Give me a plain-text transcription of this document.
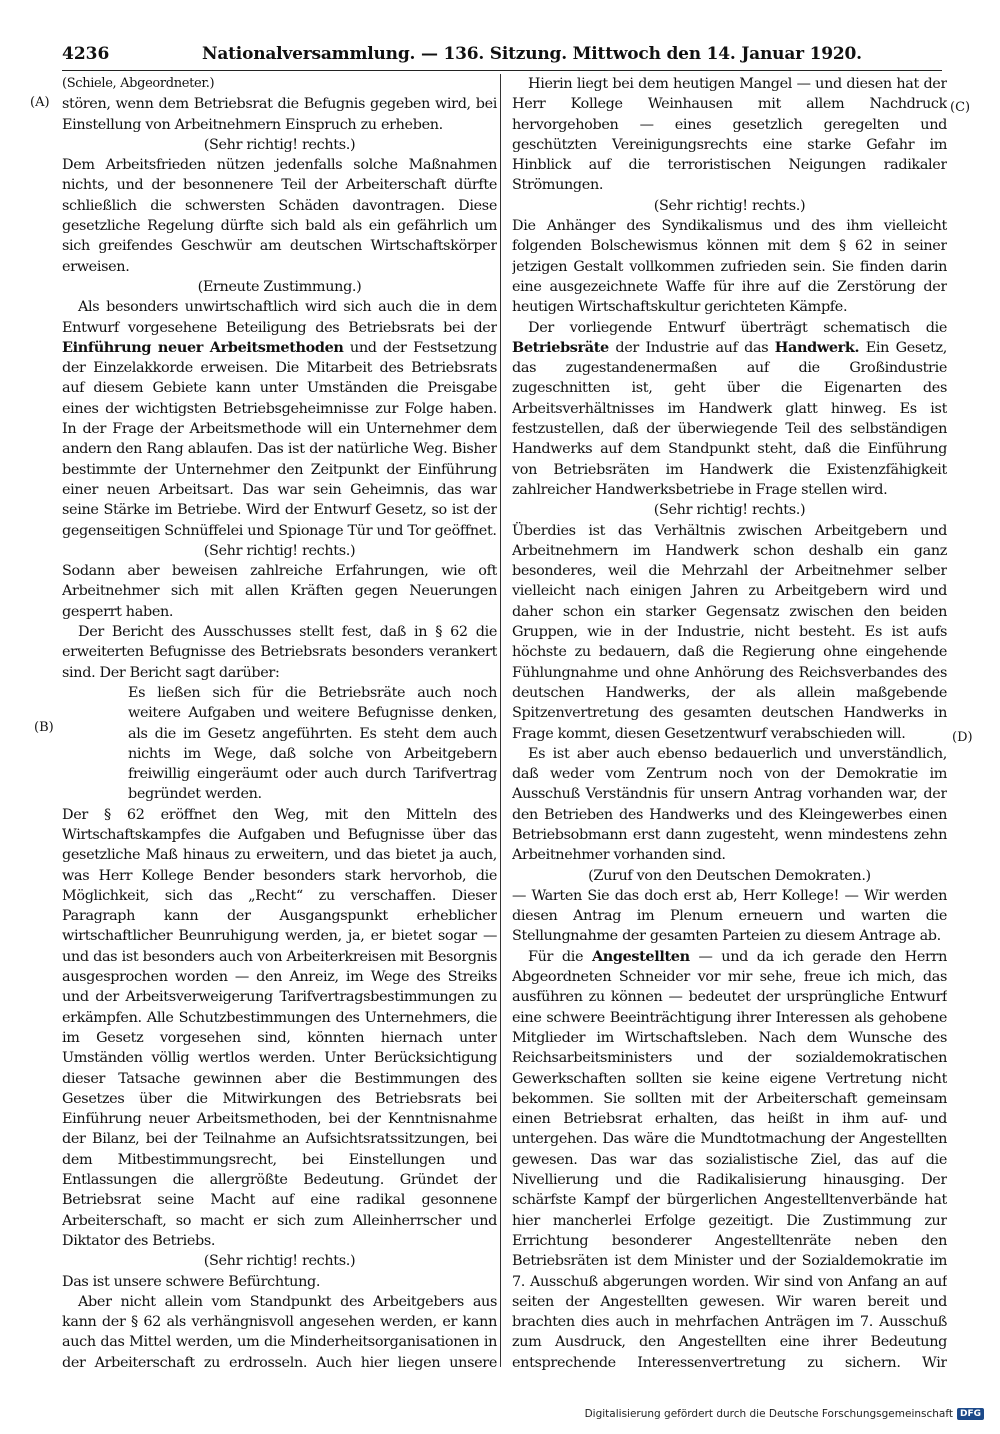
4236	Nationalversammlung. — 136. Sitzung. Mittwoch den 14. Januar 1920.
(A)
(B)
(C)
(D)

(Schiele, Abgeordneter.)

stören, wenn dem Betriebsrat die Befugnis gegeben wird, bei Einstellung von Arbeitnehmern Einspruch zu erheben.

(Sehr richtig! rechts.)

Dem Arbeitsfrieden nützen jedenfalls solche Maßnahmen nichts, und der besonnenere Teil der Arbeiterschaft dürfte schließlich die schwersten Schäden davontragen. Diese gesetzliche Regelung dürfte sich bald als ein gefährlich um sich greifendes Geschwür am deutschen Wirtschaftskörper erweisen.

(Erneute Zustimmung.)

Als besonders unwirtschaftlich wird sich auch die in dem Entwurf vorgesehene Beteiligung des Betriebsrats bei der Einführung neuer Arbeitsmethoden und der Festsetzung der Einzelakkorde erweisen. Die Mitarbeit des Betriebsrats auf diesem Gebiete kann unter Umständen die Preisgabe eines der wichtigsten Betriebsgeheimnisse zur Folge haben. In der Frage der Arbeitsmethode will ein Unternehmer dem andern den Rang ablaufen. Das ist der natürliche Weg. Bisher bestimmte der Unternehmer den Zeitpunkt der Einführung einer neuen Arbeitsart. Das war sein Geheimnis, das war seine Stärke im Betriebe. Wird der Entwurf Gesetz, so ist der gegenseitigen Schnüffelei und Spionage Tür und Tor geöffnet.

(Sehr richtig! rechts.)

Sodann aber beweisen zahlreiche Erfahrungen, wie oft Arbeitnehmer sich mit allen Kräften gegen Neuerungen gesperrt haben.

Der Bericht des Ausschusses stellt fest, daß in § 62 die erweiterten Befugnisse des Betriebsrats besonders verankert sind. Der Bericht sagt darüber:

Es ließen sich für die Betriebsräte auch noch weitere Aufgaben und weitere Befugnisse denken, als die im Gesetz angeführten. Es steht dem auch nichts im Wege, daß solche von Arbeitgebern freiwillig eingeräumt oder auch durch Tarifvertrag begründet werden.

Der § 62 eröffnet den Weg, mit den Mitteln des Wirtschaftskampfes die Aufgaben und Befugnisse über das gesetzliche Maß hinaus zu erweitern, und das bietet ja auch, was Herr Kollege Bender besonders stark hervorhob, die Möglichkeit, sich das „Recht“ zu verschaffen. Dieser Paragraph kann der Ausgangspunkt erheblicher wirtschaftlicher Beunruhigung werden, ja, er bietet sogar — und das ist besonders auch von Arbeiterkreisen mit Besorgnis ausgesprochen worden — den Anreiz, im Wege des Streiks und der Arbeitsverweigerung Tarifvertragsbestimmungen zu erkämpfen. Alle Schutzbestimmungen des Unternehmers, die im Gesetz vorgesehen sind, könnten hiernach unter Umständen völlig wertlos werden. Unter Berücksichtigung dieser Tatsache gewinnen aber die Bestimmungen des Gesetzes über die Mitwirkungen des Betriebsrats bei Einführung neuer Arbeitsmethoden, bei der Kenntnisnahme der Bilanz, bei der Teilnahme an Aufsichtsratssitzungen, bei dem Mitbestimmungsrecht, bei Einstellungen und Entlassungen die allergrößte Bedeutung. Gründet der Betriebsrat seine Macht auf eine radikal gesonnene Arbeiterschaft, so macht er sich zum Alleinherrscher und Diktator des Betriebs.

(Sehr richtig! rechts.)

Das ist unsere schwere Befürchtung.

Aber nicht allein vom Standpunkt des Arbeitgebers aus kann der § 62 als verhängnisvoll angesehen werden, er kann auch das Mittel werden, um die Minderheitsorganisationen in der Arbeiterschaft zu erdrosseln. Auch hier liegen unsere

Hierin liegt bei dem heutigen Mangel — und diesen hat der Herr Kollege Weinhausen mit allem Nachdruck hervorgehoben — eines gesetzlich geregelten und geschützten Vereinigungsrechts eine starke Gefahr im Hinblick auf die terroristischen Neigungen radikaler Strömungen.

(Sehr richtig! rechts.)

Die Anhänger des Syndikalismus und des ihm vielleicht folgenden Bolschewismus können mit dem § 62 in seiner jetzigen Gestalt vollkommen zufrieden sein. Sie finden darin eine ausgezeichnete Waffe für ihre auf die Zerstörung der heutigen Wirtschaftskultur gerichteten Kämpfe.

Der vorliegende Entwurf überträgt schematisch die Betriebsräte der Industrie auf das Handwerk. Ein Gesetz, das zugestandenermaßen auf die Großindustrie zugeschnitten ist, geht über die Eigenarten des Arbeitsverhältnisses im Handwerk glatt hinweg. Es ist festzustellen, daß der überwiegende Teil des selbständigen Handwerks auf dem Standpunkt steht, daß die Einführung von Betriebsräten im Handwerk die Existenzfähigkeit zahlreicher Handwerksbetriebe in Frage stellen wird.

(Sehr richtig! rechts.)

Überdies ist das Verhältnis zwischen Arbeitgebern und Arbeitnehmern im Handwerk schon deshalb ein ganz besonderes, weil die Mehrzahl der Arbeitnehmer selber vielleicht nach einigen Jahren zu Arbeitgebern wird und daher schon ein starker Gegensatz zwischen den beiden Gruppen, wie in der Industrie, nicht besteht. Es ist aufs höchste zu bedauern, daß die Regierung ohne eingehende Fühlungnahme und ohne Anhörung des Reichsverbandes des deutschen Handwerks, der als allein maßgebende Spitzenvertretung des gesamten deutschen Handwerks in Frage kommt, diesen Gesetzentwurf verabschieden will.

Es ist aber auch ebenso bedauerlich und unverständlich, daß weder vom Zentrum noch von der Demokratie im Ausschuß Verständnis für unsern Antrag vorhanden war, der den Betrieben des Handwerks und des Kleingewerbes einen Betriebsobmann erst dann zugesteht, wenn mindestens zehn Arbeitnehmer vorhanden sind.

(Zuruf von den Deutschen Demokraten.)

— Warten Sie das doch erst ab, Herr Kollege! — Wir werden diesen Antrag im Plenum erneuern und warten die Stellungnahme der gesamten Parteien zu diesem Antrage ab.

Für die Angestellten — und da ich gerade den Herrn Abgeordneten Schneider vor mir sehe, freue ich mich, das ausführen zu können — bedeutet der ursprüngliche Entwurf eine schwere Beeinträchtigung ihrer Interessen als gehobene Mitglieder im Wirtschaftsleben. Nach dem Wunsche des Reichsarbeitsministers und der sozialdemokratischen Gewerkschaften sollten sie keine eigene Vertretung nicht bekommen. Sie sollten mit der Arbeiterschaft gemeinsam einen Betriebsrat erhalten, das heißt in ihm auf- und untergehen. Das wäre die Mundtotmachung der Angestellten gewesen. Das war das sozialistische Ziel, das auf die Nivellierung und die Radikalisierung hinausging. Der schärfste Kampf der bürgerlichen Angestelltenverbände hat hier mancherlei Erfolge gezeitigt. Die Zustimmung zur Errichtung besonderer Angestelltenräte neben den Betriebsräten ist dem Minister und der Sozialdemokratie im 7. Ausschuß abgerungen worden. Wir sind von Anfang an auf seiten der Angestellten gewesen. Wir waren bereit und brachten dies auch in mehrfachen Anträgen im 7. Ausschuß zum Ausdruck, den Angestellten eine ihrer Bedeutung entsprechende Interessenvertretung zu sichern. Wir

Digitalisierung gefördert durch die Deutsche Forschungsgemeinschaft DFG
